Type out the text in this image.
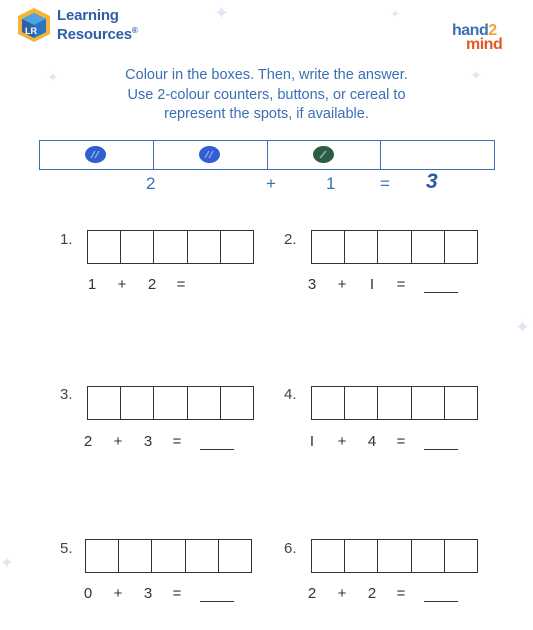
✦	✦
✦	✦
✦
✦
LR
Learning
Resources®	hand2
mind
Colour in the boxes. Then, write the answer.
Use 2-colour counters, buttons, or cereal to
represent the spots, if available.
2	+	1	= 3
1.
1	+	2	=
2.
3	+	I	=
3.
2	+	3	=
4.
I	+	4	=
5.
0	+	3	=
6.
2	+	2	=
